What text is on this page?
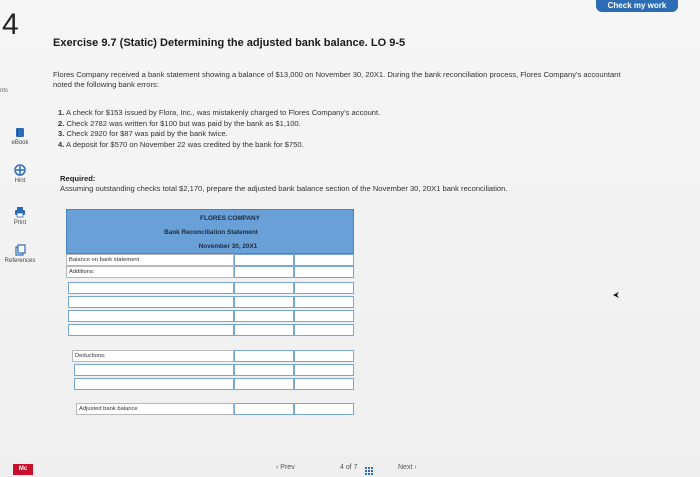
4
Check my work
nts
eBook
Hint
Print
References
Exercise 9.7 (Static) Determining the adjusted bank balance. LO 9-5
Flores Company received a bank statement showing a balance of $13,000 on November 30, 20X1. During the bank reconciliation process, Flores Company's accountant noted the following bank errors:
1. A check for $153 issued by Flora, Inc., was mistakenly charged to Flores Company's account.
2. Check 2782 was written for $100 but was paid by the bank as $1,100.
3. Check 2920 for $87 was paid by the bank twice.
4. A deposit for $570 on November 22 was credited by the bank for $750.
Required:
Assuming outstanding checks total $2,170, prepare the adjusted bank balance section of the November 30, 20X1 bank reconciliation.
FLORES COMPANY
Bank Reconciliation Statement
November 30, 20X1
Balance on bank statement
Additions:
Deductions:
Adjusted bank balance
Mc	‹ Prev	4 of 7	Next ›
